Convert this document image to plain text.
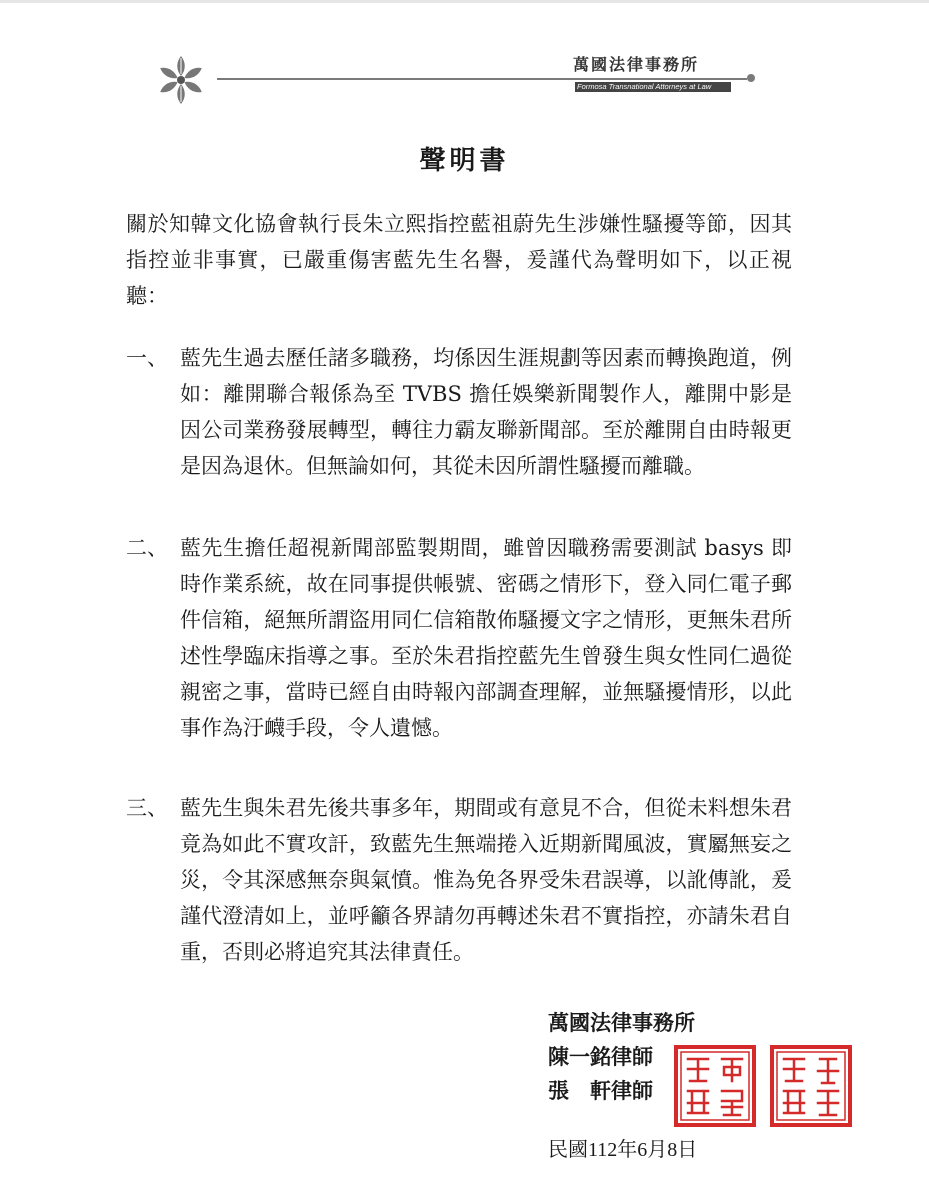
萬國法律事務所
Formosa Transnational Attorneys at Law
聲明書
關於知韓文化協會執行長朱立熙指控藍祖蔚先生涉嫌性騷擾等節，因其指控並非事實，已嚴重傷害藍先生名譽，爰謹代為聲明如下，以正視聽：
一、 藍先生過去歷任諸多職務，均係因生涯規劃等因素而轉換跑道，例如：離開聯合報係為至 TVBS 擔任娛樂新聞製作人，離開中影是因公司業務發展轉型，轉往力霸友聯新聞部。至於離開自由時報更是因為退休。但無論如何，其從未因所謂性騷擾而離職。
二、 藍先生擔任超視新聞部監製期間，雖曾因職務需要測試 basys 即時作業系統，故在同事提供帳號、密碼之情形下，登入同仁電子郵件信箱，絕無所謂盜用同仁信箱散佈騷擾文字之情形，更無朱君所述性學臨床指導之事。至於朱君指控藍先生曾發生與女性同仁過從親密之事，當時已經自由時報內部調查理解，並無騷擾情形，以此事作為汙衊手段，令人遺憾。
三、 藍先生與朱君先後共事多年，期間或有意見不合，但從未料想朱君竟為如此不實攻訐，致藍先生無端捲入近期新聞風波，實屬無妄之災，令其深感無奈與氣憤。惟為免各界受朱君誤導，以訛傳訛，爰謹代澄清如上，並呼籲各界請勿再轉述朱君不實指控，亦請朱君自重，否則必將追究其法律責任。
萬國法律事務所
陳一銘律師
張　軒律師
民國112年6月8日
